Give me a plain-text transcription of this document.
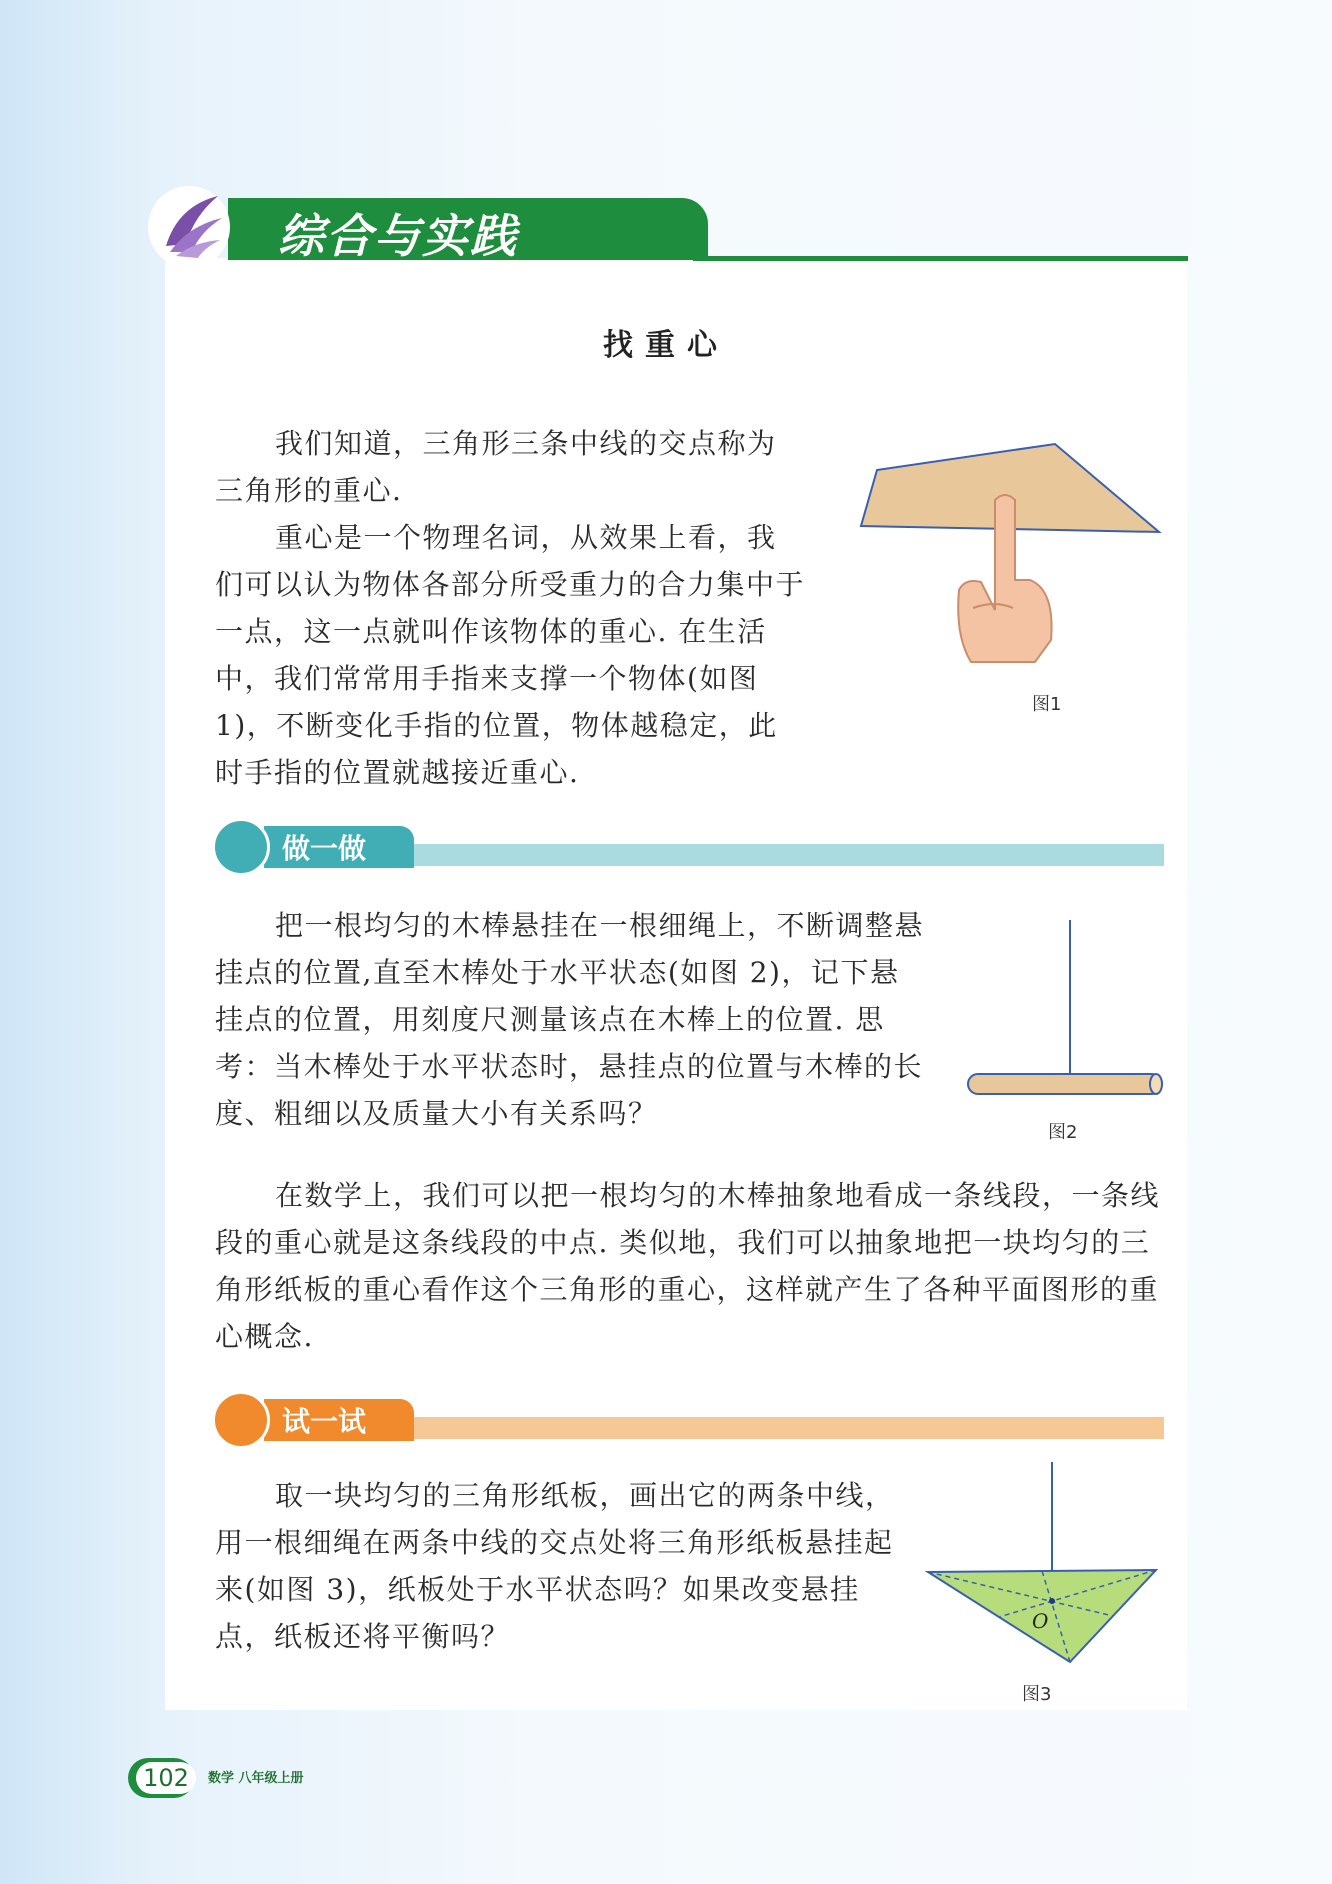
综合与实践
找重心

我们知道，三角形三条中线的交点称为三角形的重心.

重心是一个物理名词，从效果上看，我们可以认为物体各部分所受重力的合力集中于一点，这一点就叫作该物体的重心. 在生活中，我们常常用手指来支撑一个物体(如图1)，不断变化手指的位置，物体越稳定，此时手指的位置就越接近重心.

图1
做一做

把一根均匀的木棒悬挂在一根细绳上，不断调整悬挂点的位置,直至木棒处于水平状态(如图 2)，记下悬挂点的位置，用刻度尺测量该点在木棒上的位置. 思考：当木棒处于水平状态时，悬挂点的位置与木棒的长度、粗细以及质量大小有关系吗？

图2

在数学上，我们可以把一根均匀的木棒抽象地看成一条线段，一条线段的重心就是这条线段的中点. 类似地，我们可以抽象地把一块均匀的三角形纸板的重心看作这个三角形的重心，这样就产生了各种平面图形的重心概念.

试一试

取一块均匀的三角形纸板，画出它的两条中线，用一根细绳在两条中线的交点处将三角形纸板悬挂起来(如图 3)，纸板处于水平状态吗？如果改变悬挂点，纸板还将平衡吗？	O
图3
102	数学 八年级上册
